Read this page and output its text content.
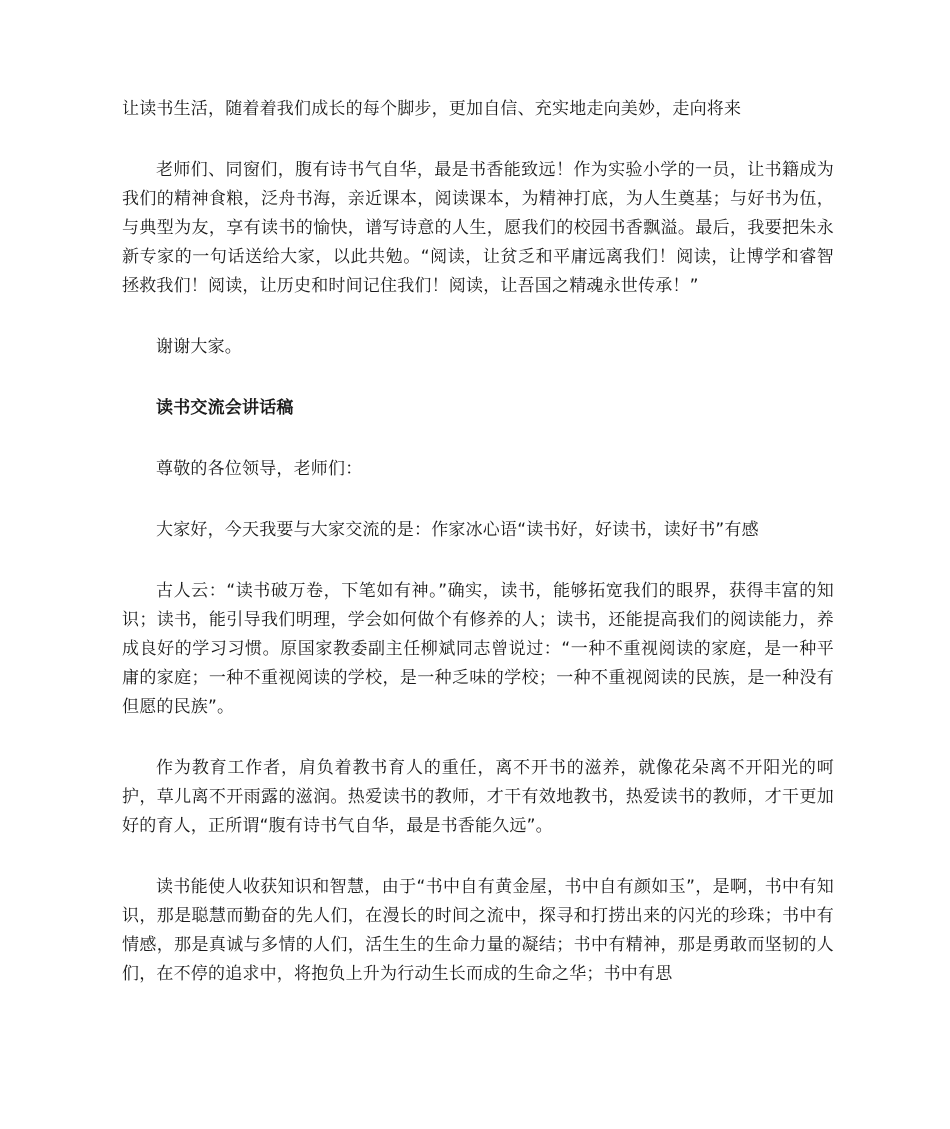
让读书生活，随着着我们成长的每个脚步，更加自信、充实地走向美妙，走向将来

老师们、同窗们，腹有诗书气自华，最是书香能致远！作为实验小学的一员，让书籍成为我们的精神食粮，泛舟书海，亲近课本，阅读课本，为精神打底，为人生奠基；与好书为伍，与典型为友，享有读书的愉快，谱写诗意的人生，愿我们的校园书香飘溢。最后，我要把朱永新专家的一句话送给大家，以此共勉。“阅读，让贫乏和平庸远离我们！阅读，让博学和睿智拯救我们！阅读，让历史和时间记住我们！阅读，让吾国之精魂永世传承！”

谢谢大家。

读书交流会讲话稿

尊敬的各位领导，老师们：

大家好，今天我要与大家交流的是：作家冰心语“读书好，好读书，读好书”有感

古人云：“读书破万卷，下笔如有神。”确实，读书，能够拓宽我们的眼界，获得丰富的知识；读书，能引导我们明理，学会如何做个有修养的人；读书，还能提高我们的阅读能力，养成良好的学习习惯。原国家教委副主任柳斌同志曾说过：“一种不重视阅读的家庭，是一种平庸的家庭；一种不重视阅读的学校，是一种乏味的学校；一种不重视阅读的民族，是一种没有但愿的民族”。

作为教育工作者，肩负着教书育人的重任，离不开书的滋养，就像花朵离不开阳光的呵护，草儿离不开雨露的滋润。热爱读书的教师，才干有效地教书，热爱读书的教师，才干更加好的育人，正所谓“腹有诗书气自华，最是书香能久远”。

读书能使人收获知识和智慧，由于“书中自有黄金屋，书中自有颜如玉”，是啊，书中有知识，那是聪慧而勤奋的先人们，在漫长的时间之流中，探寻和打捞出来的闪光的珍珠；书中有情感，那是真诚与多情的人们，活生生的生命力量的凝结；书中有精神，那是勇敢而坚韧的人们，在不停的追求中，将抱负上升为行动生长而成的生命之华；书中有思
